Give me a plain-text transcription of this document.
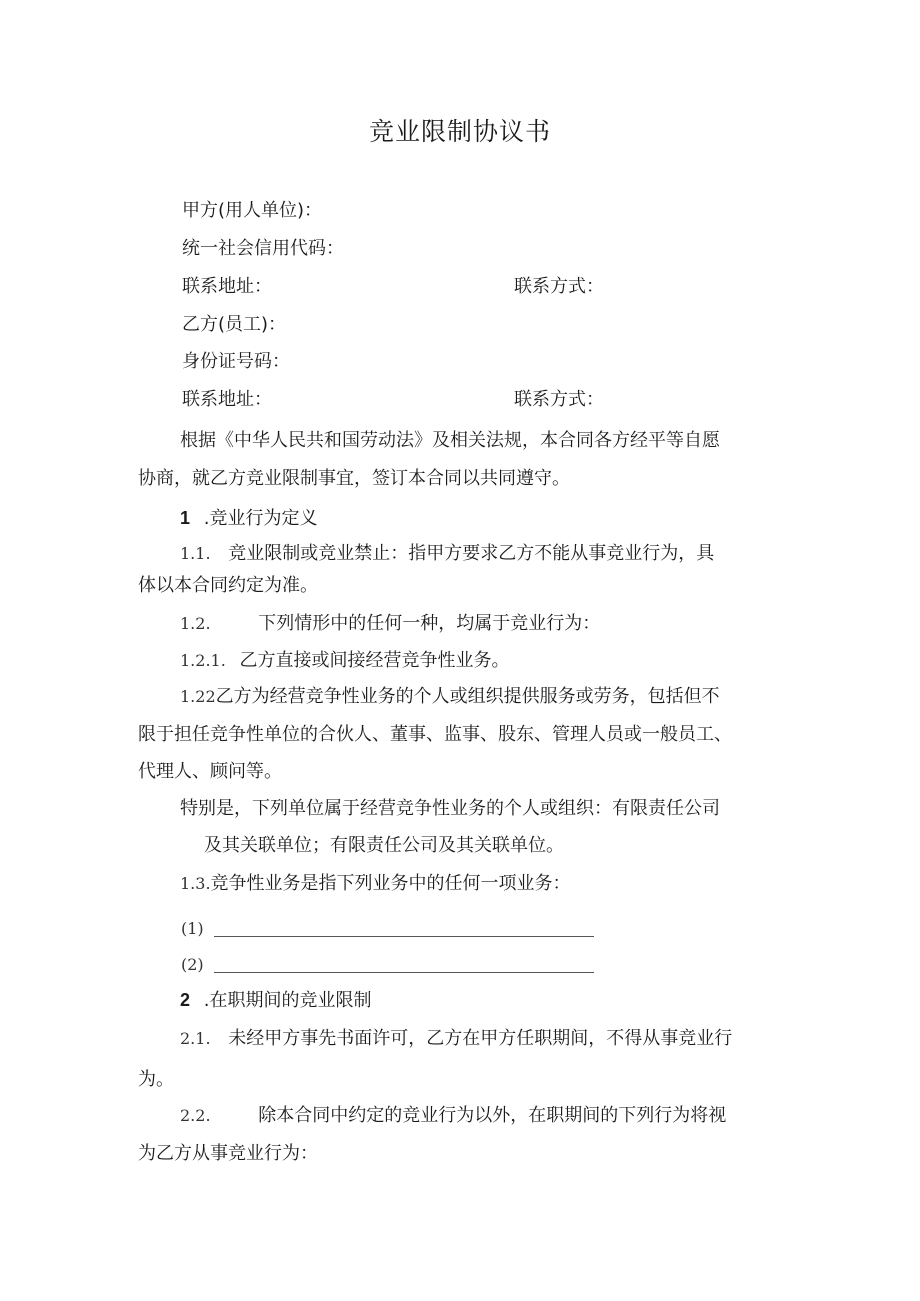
竞业限制协议书
甲方(用人单位)：
统一社会信用代码：
联系地址：	联系方式：
乙方(员工)：
身份证号码：
联系地址：	联系方式：
根据《中华人民共和国劳动法》及相关法规，本合同各方经平等自愿
协商，就乙方竞业限制事宜，签订本合同以共同遵守。
1 .竞业行为定义
1.1. 竞业限制或竞业禁止：指甲方要求乙方不能从事竞业行为，具
体以本合同约定为准。
1.2.	下列情形中的任何一种，均属于竞业行为：
1.2.1. 乙方直接或间接经营竞争性业务。
1.22乙方为经营竞争性业务的个人或组织提供服务或劳务，包括但不
限于担任竞争性单位的合伙人、董事、监事、股东、管理人员或一般员工、
代理人、顾问等。
特别是，下列单位属于经营竞争性业务的个人或组织：有限责任公司
及其关联单位；有限责任公司及其关联单位。
1.3.竞争性业务是指下列业务中的任何一项业务：
(1)
(2)
2 .在职期间的竞业限制
2.1. 未经甲方事先书面许可，乙方在甲方任职期间，不得从事竞业行
为。
2.2.	除本合同中约定的竞业行为以外，在职期间的下列行为将视
为乙方从事竞业行为：
